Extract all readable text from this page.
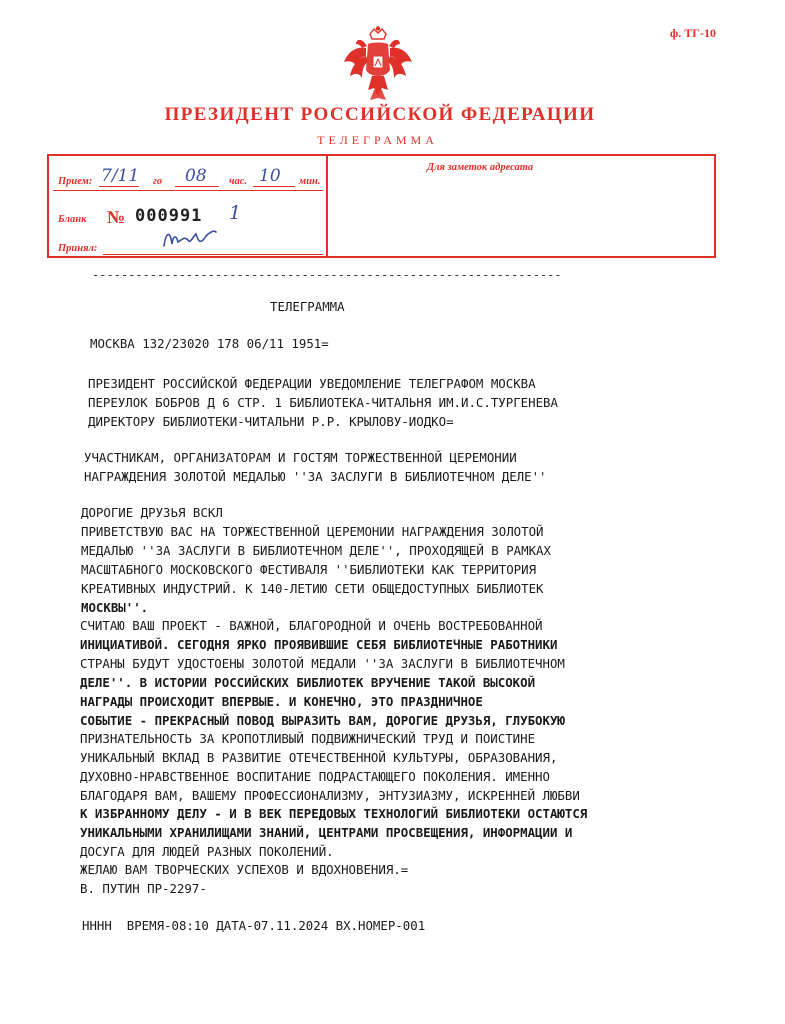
ф. ТГ-10
ПРЕЗИДЕНТ РОССИЙСКОЙ ФЕДЕРАЦИИ
ТЕЛЕГРАММА
Прием: 7/11 го 08 час. 10 мин.
Бланк № 000991 1
Принял:
Для заметок адресата
-----------------------------------------------------------------
ТЕЛЕГРАММА
МОСКВА 132/23020 178 06/11 1951=
ПРЕЗИДЕНТ РОССИЙСКОЙ ФЕДЕРАЦИИ УВЕДОМЛЕНИЕ ТЕЛЕГРАФОМ МОСКВА
ПЕРЕУЛОК БОБРОВ Д 6 СТР. 1 БИБЛИОТЕКА-ЧИТАЛЬНЯ ИМ.И.С.ТУРГЕНЕВА
ДИРЕКТОРУ БИБЛИОТЕКИ-ЧИТАЛЬНИ Р.Р. КРЫЛОВУ-ИОДКО=
УЧАСТНИКАМ, ОРГАНИЗАТОРАМ И ГОСТЯМ ТОРЖЕСТВЕННОЙ ЦЕРЕМОНИИ
НАГРАЖДЕНИЯ ЗОЛОТОЙ МЕДАЛЬЮ ''ЗА ЗАСЛУГИ В БИБЛИОТЕЧНОМ ДЕЛЕ''
ДОРОГИЕ ДРУЗЬЯ ВСКЛ
ПРИВЕТСТВУЮ ВАС НА ТОРЖЕСТВЕННОЙ ЦЕРЕМОНИИ НАГРАЖДЕНИЯ ЗОЛОТОЙ
МЕДАЛЬЮ ''ЗА ЗАСЛУГИ В БИБЛИОТЕЧНОМ ДЕЛЕ'', ПРОХОДЯЩЕЙ В РАМКАХ
МАСШТАБНОГО МОСКОВСКОГО ФЕСТИВАЛЯ ''БИБЛИОТЕКИ КАК ТЕРРИТОРИЯ
КРЕАТИВНЫХ ИНДУСТРИЙ. К 140-ЛЕТИЮ СЕТИ ОБЩЕДОСТУПНЫХ БИБЛИОТЕК
МОСКВЫ''.
СЧИТАЮ ВАШ ПРОЕКТ - ВАЖНОЙ, БЛАГОРОДНОЙ И ОЧЕНЬ ВОСТРЕБОВАННОЙ
ИНИЦИАТИВОЙ. СЕГОДНЯ ЯРКО ПРОЯВИВШИЕ СЕБЯ БИБЛИОТЕЧНЫЕ РАБОТНИКИ
СТРАНЫ БУДУТ УДОСТОЕНЫ ЗОЛОТОЙ МЕДАЛИ ''ЗА ЗАСЛУГИ В БИБЛИОТЕЧНОМ
ДЕЛЕ''. В ИСТОРИИ РОССИЙСКИХ БИБЛИОТЕК ВРУЧЕНИЕ ТАКОЙ ВЫСОКОЙ
НАГРАДЫ ПРОИСХОДИТ ВПЕРВЫЕ. И КОНЕЧНО, ЭТО ПРАЗДНИЧНОЕ
СОБЫТИЕ - ПРЕКРАСНЫЙ ПОВОД ВЫРАЗИТЬ ВАМ, ДОРОГИЕ ДРУЗЬЯ, ГЛУБОКУЮ
ПРИЗНАТЕЛЬНОСТЬ ЗА КРОПОТЛИВЫЙ ПОДВИЖНИЧЕСКИЙ ТРУД И ПОИСТИНЕ
УНИКАЛЬНЫЙ ВКЛАД В РАЗВИТИЕ ОТЕЧЕСТВЕННОЙ КУЛЬТУРЫ, ОБРАЗОВАНИЯ,
ДУХОВНО-НРАВСТВЕННОЕ ВОСПИТАНИЕ ПОДРАСТАЮЩЕГО ПОКОЛЕНИЯ. ИМЕННО
БЛАГОДАРЯ ВАМ, ВАШЕМУ ПРОФЕССИОНАЛИЗМУ, ЭНТУЗИАЗМУ, ИСКРЕННЕЙ ЛЮБВИ
К ИЗБРАННОМУ ДЕЛУ - И В ВЕК ПЕРЕДОВЫХ ТЕХНОЛОГИЙ БИБЛИОТЕКИ ОСТАЮТСЯ
УНИКАЛЬНЫМИ ХРАНИЛИЩАМИ ЗНАНИЙ, ЦЕНТРАМИ ПРОСВЕЩЕНИЯ, ИНФОРМАЦИИ И
ДОСУГА ДЛЯ ЛЮДЕЙ РАЗНЫХ ПОКОЛЕНИЙ.
ЖЕЛАЮ ВАМ ТВОРЧЕСКИХ УСПЕХОВ И ВДОХНОВЕНИЯ.=
В. ПУТИН ПР-2297-
НННН  ВРЕМЯ-08:10 ДАТА-07.11.2024 ВХ.НОМЕР-001
